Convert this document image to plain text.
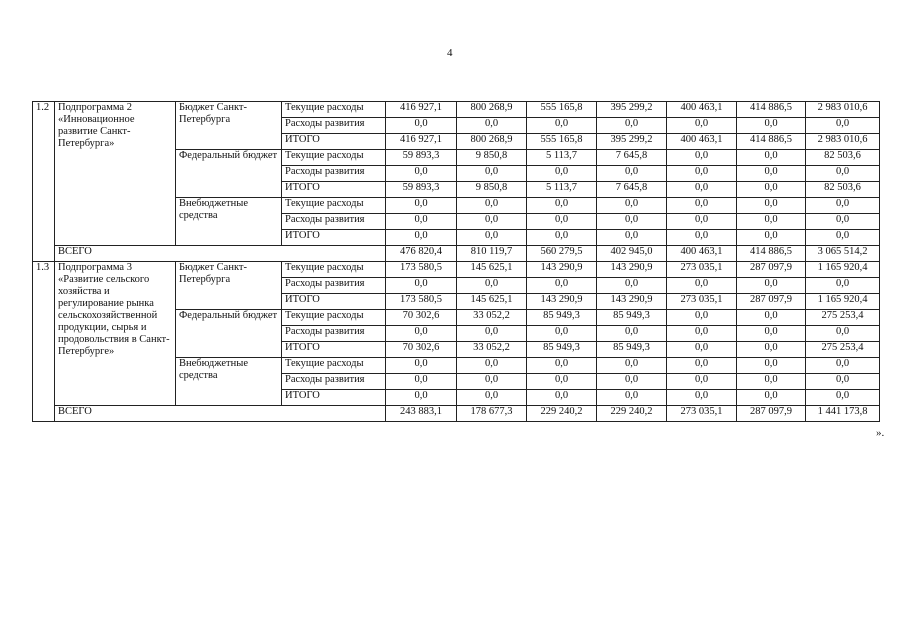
4
1.2	Подпрограмма 2 «Инновационное развитие Санкт-Петербурга»	Бюджет Санкт-Петербурга	Текущие расходы	416 927,1	800 268,9	555 165,8	395 299,2	400 463,1	414 886,5	2 983 010,6
			Расходы развития	0,0	0,0	0,0	0,0	0,0	0,0	0,0
			ИТОГО	416 927,1	800 268,9	555 165,8	395 299,2	400 463,1	414 886,5	2 983 010,6
		Федеральный бюджет	Текущие расходы	59 893,3	9 850,8	5 113,7	7 645,8	0,0	0,0	82 503,6
			Расходы развития	0,0	0,0	0,0	0,0	0,0	0,0	0,0
			ИТОГО	59 893,3	9 850,8	5 113,7	7 645,8	0,0	0,0	82 503,6
		Внебюджетные средства	Текущие расходы	0,0	0,0	0,0	0,0	0,0	0,0	0,0
			Расходы развития	0,0	0,0	0,0	0,0	0,0	0,0	0,0
			ИТОГО	0,0	0,0	0,0	0,0	0,0	0,0	0,0
	ВСЕГО			476 820,4	810 119,7	560 279,5	402 945,0	400 463,1	414 886,5	3 065 514,2
1.3	Подпрограмма 3 «Развитие сельского хозяйства и регулирование рынка сельскохозяйственной продукции, сырья и продовольствия в Санкт-Петербурге»	Бюджет Санкт-Петербурга	Текущие расходы	173 580,5	145 625,1	143 290,9	143 290,9	273 035,1	287 097,9	1 165 920,4
			Расходы развития	0,0	0,0	0,0	0,0	0,0	0,0	0,0
			ИТОГО	173 580,5	145 625,1	143 290,9	143 290,9	273 035,1	287 097,9	1 165 920,4
		Федеральный бюджет	Текущие расходы	70 302,6	33 052,2	85 949,3	85 949,3	0,0	0,0	275 253,4
			Расходы развития	0,0	0,0	0,0	0,0	0,0	0,0	0,0
			ИТОГО	70 302,6	33 052,2	85 949,3	85 949,3	0,0	0,0	275 253,4
		Внебюджетные средства	Текущие расходы	0,0	0,0	0,0	0,0	0,0	0,0	0,0
			Расходы развития	0,0	0,0	0,0	0,0	0,0	0,0	0,0
			ИТОГО	0,0	0,0	0,0	0,0	0,0	0,0	0,0
	ВСЕГО			243 883,1	178 677,3	229 240,2	229 240,2	273 035,1	287 097,9	1 441 173,8
».
